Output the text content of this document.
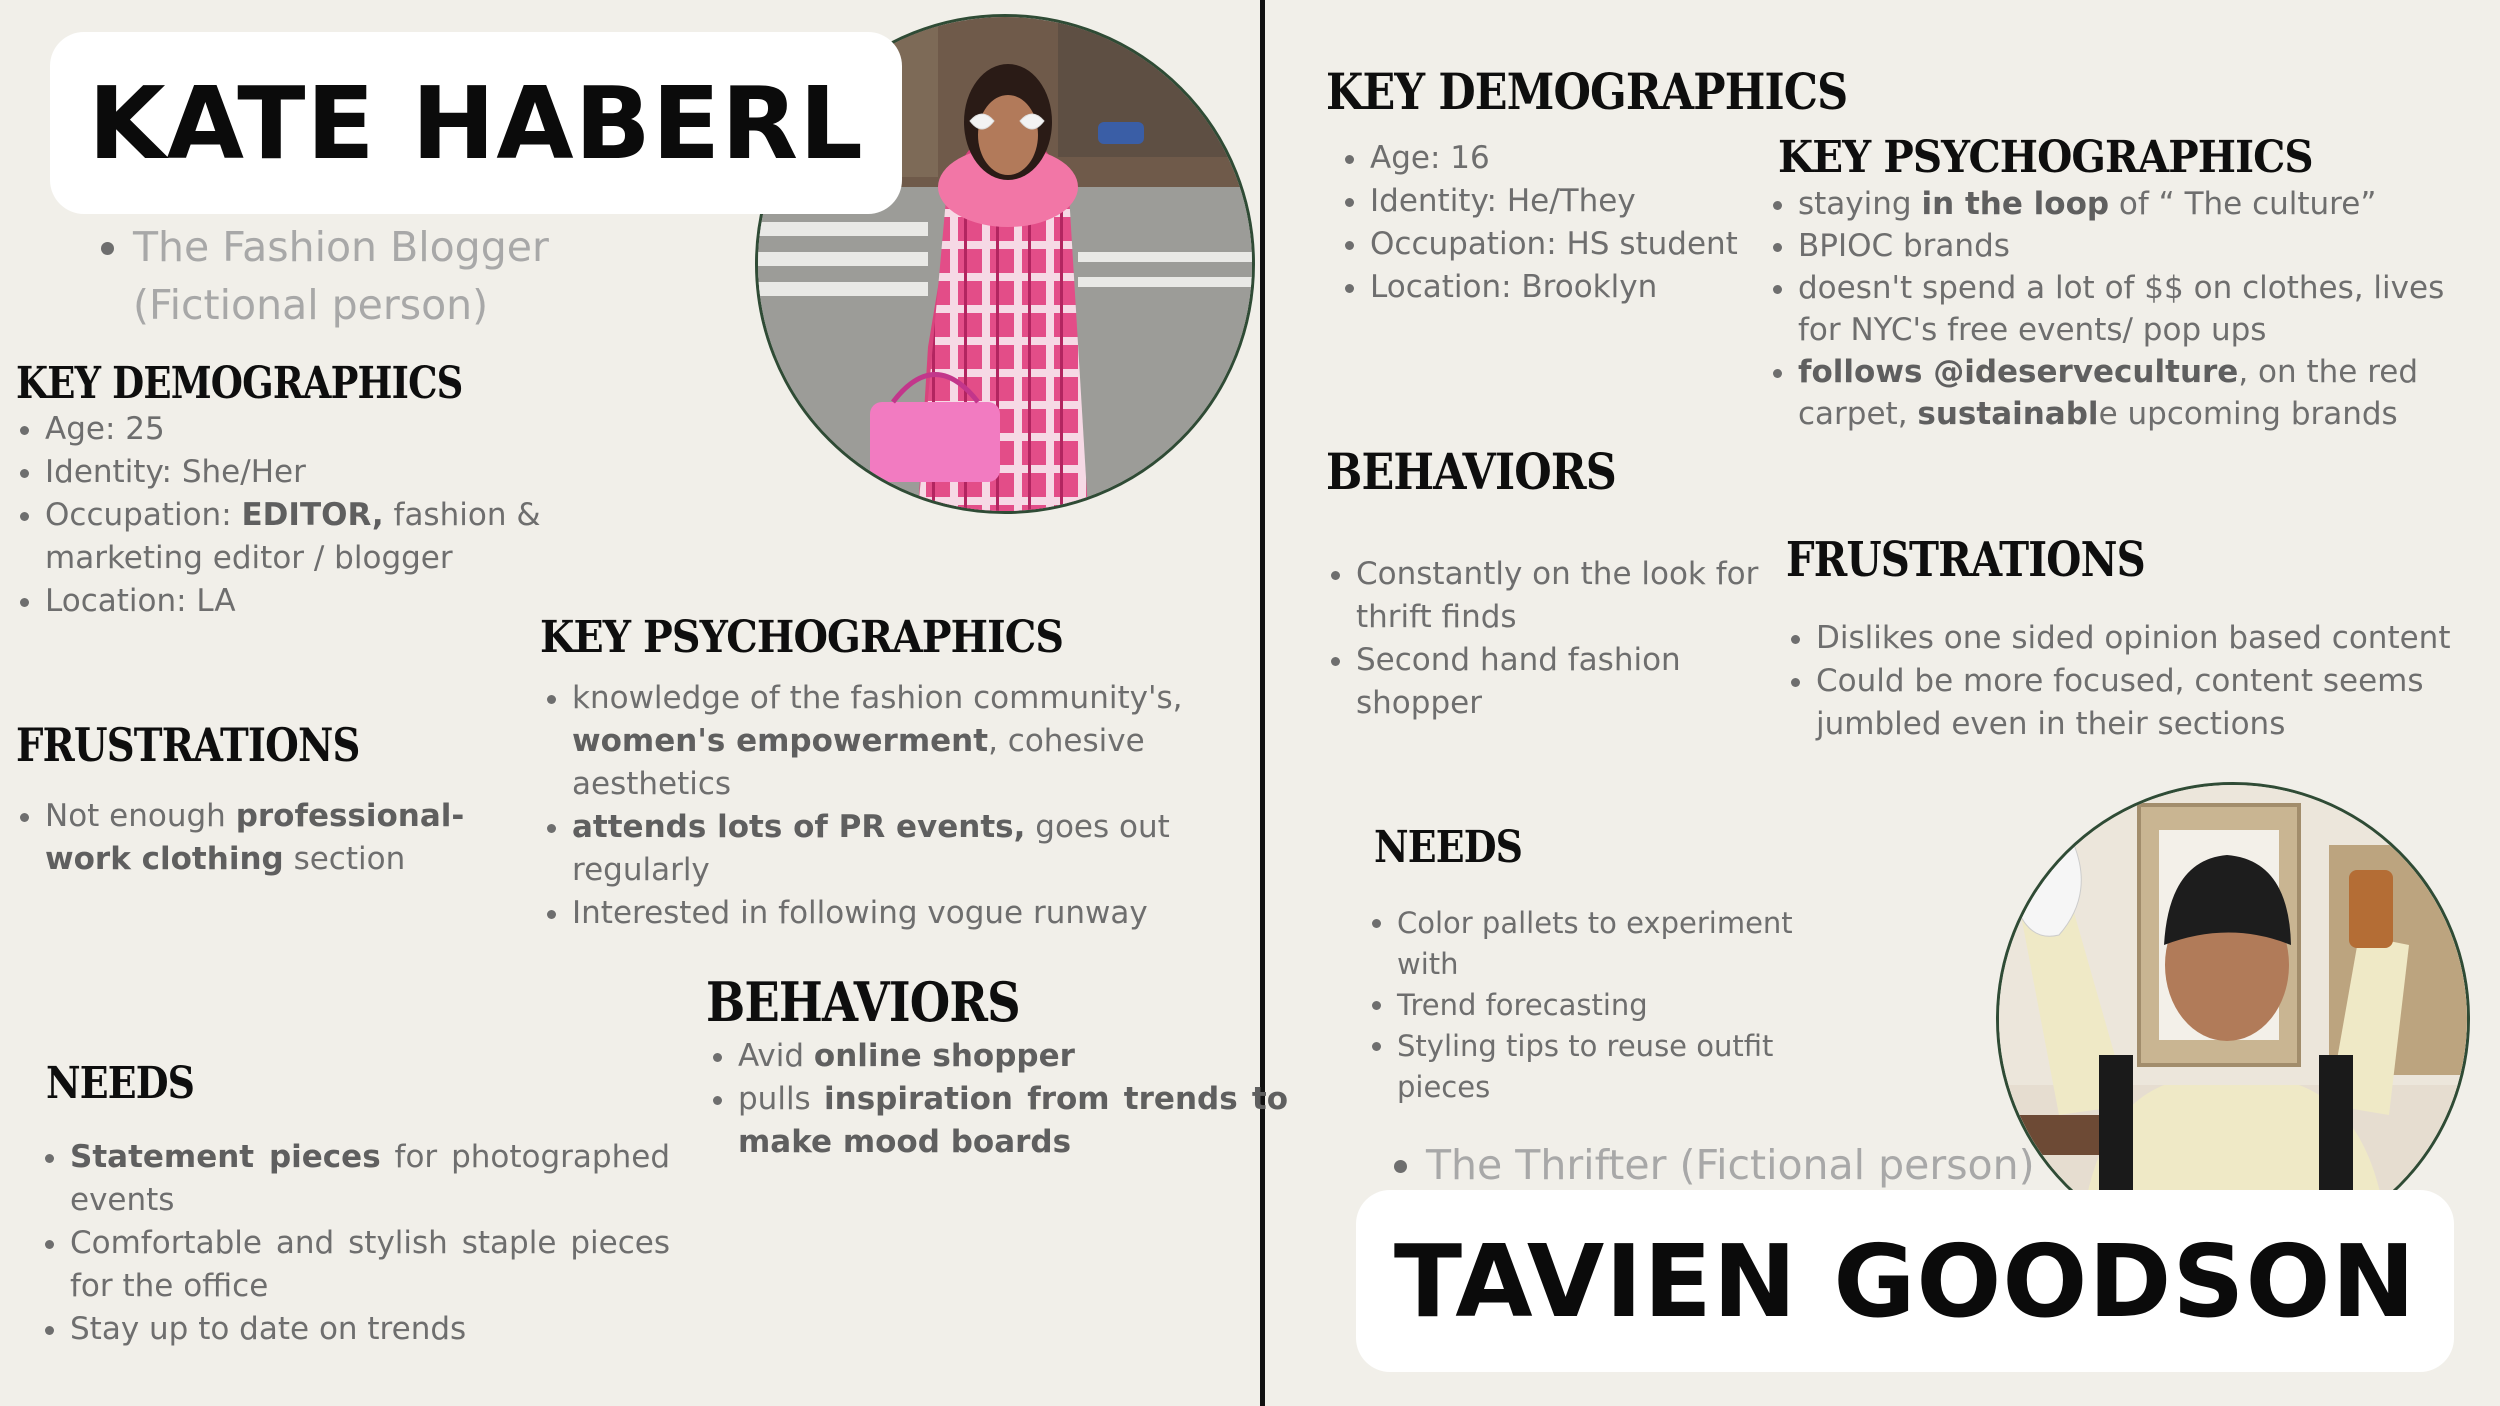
KATE HABERL
• The Fashion Blogger
(Fictional person)
KEY DEMOGRAPHICS
• Age: 25
• Identity: She/Her
• Occupation: EDITOR, fashion & marketing editor / blogger
• Location: LA
KEY PSYCHOGRAPHICS
• knowledge of the fashion community's, women's empowerment, cohesive aesthetics
• attends lots of PR events, goes out regularly
• Interested in following vogue runway
FRUSTRATIONS
• Not enough professional-work clothing section
BEHAVIORS
• Avid online shopper
• pulls inspiration from trends to make mood boards
NEEDS
• Statement pieces for photographed events
• Comfortable and stylish staple pieces for the office
• Stay up to date on trends
KEY DEMOGRAPHICS
• Age: 16
• Identity: He/They
• Occupation: HS student
• Location: Brooklyn
KEY PSYCHOGRAPHICS
• staying in the loop of “ The culture”
• BPIOC brands
• doesn't spend a lot of $$ on clothes, lives for NYC's free events/ pop ups
• follows @ideserveculture, on the red carpet, sustainable upcoming brands
BEHAVIORS
• Constantly on the look for thrift finds
• Second hand fashion shopper
FRUSTRATIONS
• Dislikes one sided opinion based content
• Could be more focused, content seems jumbled even in their sections
NEEDS
• Color pallets to experiment with
• Trend forecasting
• Styling tips to reuse outfit pieces
• The Thrifter (Fictional person)
TAVIEN GOODSON
